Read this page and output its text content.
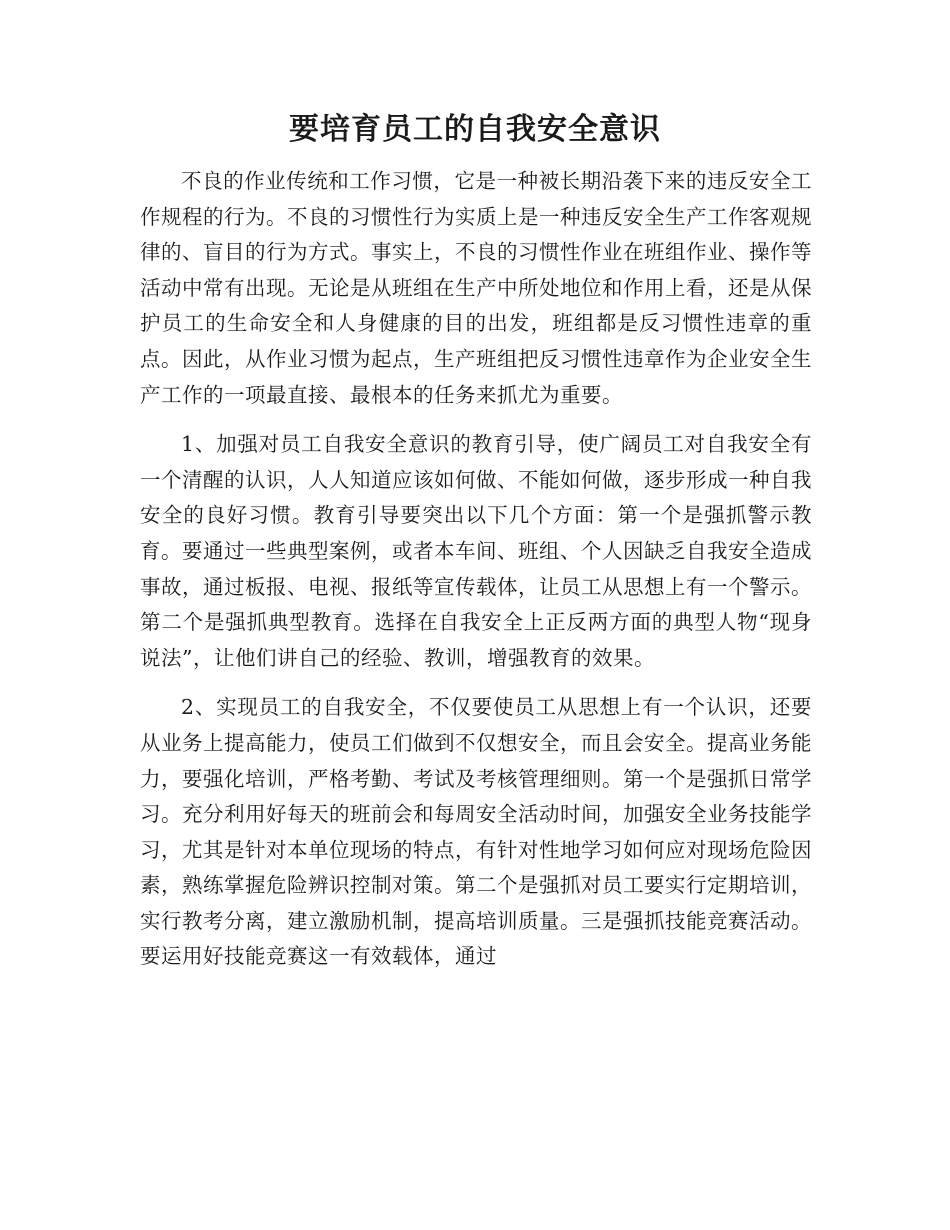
要培育员工的自我安全意识

不良的作业传统和工作习惯，它是一种被长期沿袭下来的违反安全工作规程的行为。不良的习惯性行为实质上是一种违反安全生产工作客观规律的、盲目的行为方式。事实上，不良的习惯性作业在班组作业、操作等活动中常有出现。无论是从班组在生产中所处地位和作用上看，还是从保护员工的生命安全和人身健康的目的出发，班组都是反习惯性违章的重点。因此，从作业习惯为起点，生产班组把反习惯性违章作为企业安全生产工作的一项最直接、最根本的任务来抓尤为重要。

1、加强对员工自我安全意识的教育引导，使广阔员工对自我安全有一个清醒的认识，人人知道应该如何做、不能如何做，逐步形成一种自我安全的良好习惯。教育引导要突出以下几个方面：第一个是强抓警示教育。要通过一些典型案例，或者本车间、班组、个人因缺乏自我安全造成事故，通过板报、电视、报纸等宣传载体，让员工从思想上有一个警示。第二个是强抓典型教育。选择在自我安全上正反两方面的典型人物“现身说法”，让他们讲自己的经验、教训，增强教育的效果。

2、实现员工的自我安全，不仅要使员工从思想上有一个认识，还要从业务上提高能力，使员工们做到不仅想安全，而且会安全。提高业务能力，要强化培训，严格考勤、考试及考核管理细则。第一个是强抓日常学习。充分利用好每天的班前会和每周安全活动时间，加强安全业务技能学习，尤其是针对本单位现场的特点，有针对性地学习如何应对现场危险因素，熟练掌握危险辨识控制对策。第二个是强抓对员工要实行定期培训，实行教考分离，建立激励机制，提高培训质量。三是强抓技能竞赛活动。要运用好技能竞赛这一有效载体，通过
